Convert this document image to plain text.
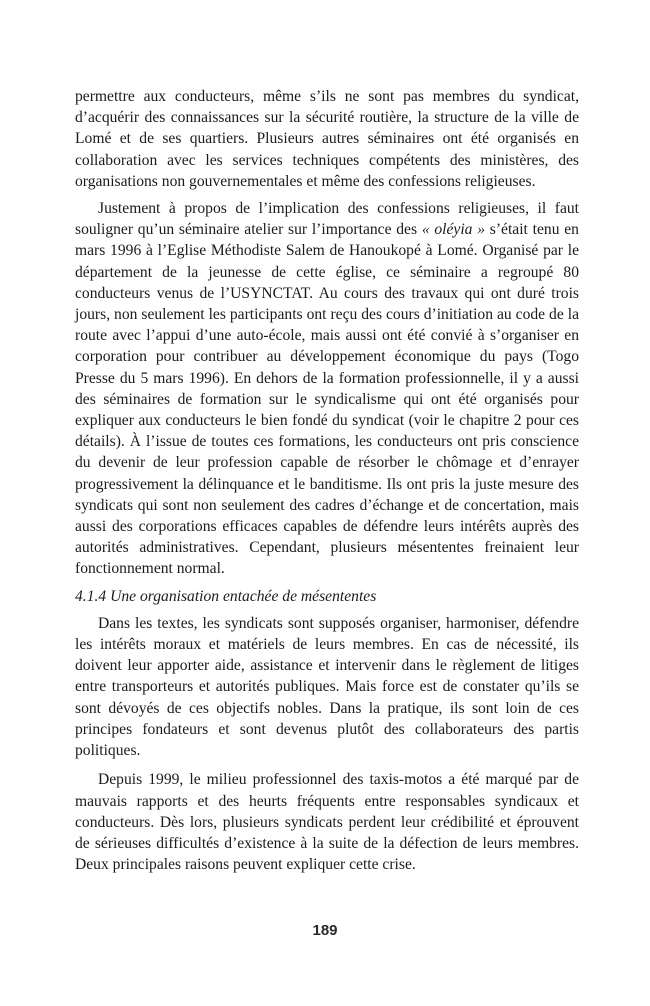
permettre aux conducteurs, même s’ils ne sont pas membres du syndicat, d’acquérir des connaissances sur la sécurité routière, la structure de la ville de Lomé et de ses quartiers. Plusieurs autres séminaires ont été organisés en collaboration avec les services techniques compétents des ministères, des organisations non gouvernementales et même des confessions religieuses.

Justement à propos de l’implication des confessions religieuses, il faut souligner qu’un séminaire atelier sur l’importance des « oléyia » s’était tenu en mars 1996 à l’Eglise Méthodiste Salem de Hanoukopé à Lomé. Organisé par le département de la jeunesse de cette église, ce séminaire a regroupé 80 conducteurs venus de l’USYNCTAT. Au cours des travaux qui ont duré trois jours, non seulement les participants ont reçu des cours d’initiation au code de la route avec l’appui d’une auto-école, mais aussi ont été convié à s’organiser en corporation pour contribuer au développement économique du pays (Togo Presse du 5 mars 1996). En dehors de la formation professionnelle, il y a aussi des séminaires de formation sur le syndicalisme qui ont été organisés pour expliquer aux conducteurs le bien fondé du syndicat (voir le chapitre 2 pour ces détails). À l’issue de toutes ces formations, les conducteurs ont pris conscience du devenir de leur profession capable de résorber le chômage et d’enrayer progressivement la délinquance et le banditisme. Ils ont pris la juste mesure des syndicats qui sont non seulement des cadres d’échange et de concertation, mais aussi des corporations efficaces capables de défendre leurs intérêts auprès des autorités administratives. Cependant, plusieurs mésententes freinaient leur fonctionnement normal.

4.1.4 Une organisation entachée de mésententes

Dans les textes, les syndicats sont supposés organiser, harmoniser, défendre les intérêts moraux et matériels de leurs membres. En cas de nécessité, ils doivent leur apporter aide, assistance et intervenir dans le règlement de litiges entre transporteurs et autorités publiques. Mais force est de constater qu’ils se sont dévoyés de ces objectifs nobles. Dans la pratique, ils sont loin de ces principes fondateurs et sont devenus plutôt des collaborateurs des partis politiques.

Depuis 1999, le milieu professionnel des taxis-motos a été marqué par de mauvais rapports et des heurts fréquents entre responsables syndicaux et conducteurs. Dès lors, plusieurs syndicats perdent leur crédibilité et éprouvent de sérieuses difficultés d’existence à la suite de la défection de leurs membres. Deux principales raisons peuvent expliquer cette crise.

189
